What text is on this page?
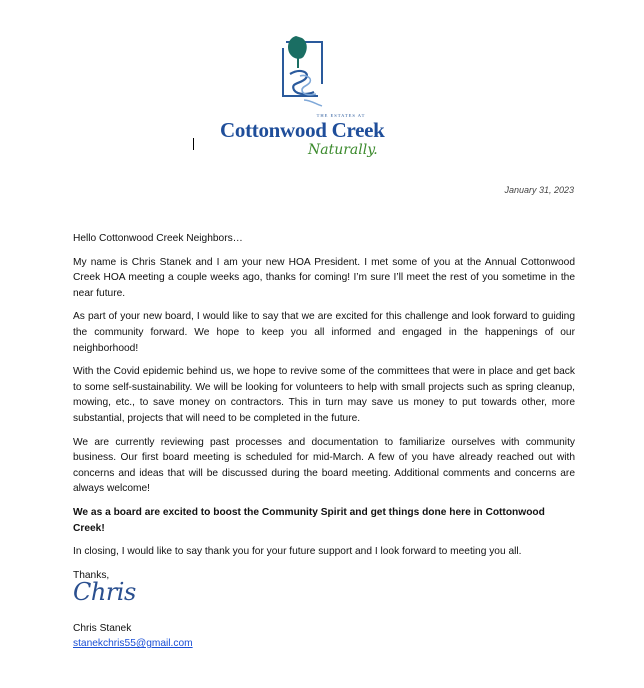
THE ESTATES AT
Cottonwood Creek
Naturally.
January 31, 2023

Hello Cottonwood Creek Neighbors…

My name is Chris Stanek and I am your new HOA President. I met some of you at the Annual Cottonwood Creek HOA meeting a couple weeks ago, thanks for coming! I’m sure I’ll meet the rest of you sometime in the near future.

As part of your new board, I would like to say that we are excited for this challenge and look forward to guiding the community forward. We hope to keep you all informed and engaged in the happenings of our neighborhood!

With the Covid epidemic behind us, we hope to revive some of the committees that were in place and get back to some self-sustainability. We will be looking for volunteers to help with small projects such as spring cleanup, mowing, etc., to save money on contractors. This in turn may save us money to put towards other, more substantial, projects that will need to be completed in the future.

We are currently reviewing past processes and documentation to familiarize ourselves with community business. Our first board meeting is scheduled for mid-March. A few of you have already reached out with concerns and ideas that will be discussed during the board meeting. Additional comments and concerns are always welcome!

We as a board are excited to boost the Community Spirit and get things done here in Cottonwood Creek!

In closing, I would like to say thank you for your future support and I look forward to meeting you all.

Thanks,

Chris
Chris Stanek
stanekchris55@gmail.com
